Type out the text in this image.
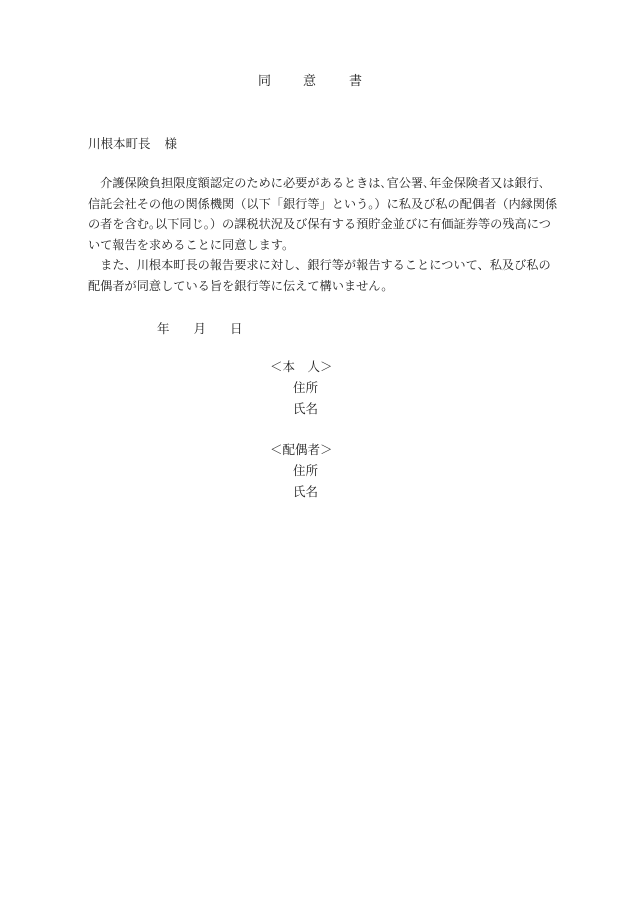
同 意	書
川根本町長 様
　介護保険負担限度額認定のために必要があるときは､官公署､年金保険者又は銀行､
信託会社その他の関係機関（以下「銀行等」という｡）に私及び私の配偶者（内縁関係
の者を含む｡以下同じ｡）の課税状況及び保有する預貯金並びに有価証券等の残高につ
いて報告を求めることに同意します。
　また、川根本町長の報告要求に対し、銀行等が報告することについて、私及び私の
配偶者が同意している旨を銀行等に伝えて構いません。
年 月 日
＜本　人＞
住所
氏名
＜配偶者＞
住所
氏名
